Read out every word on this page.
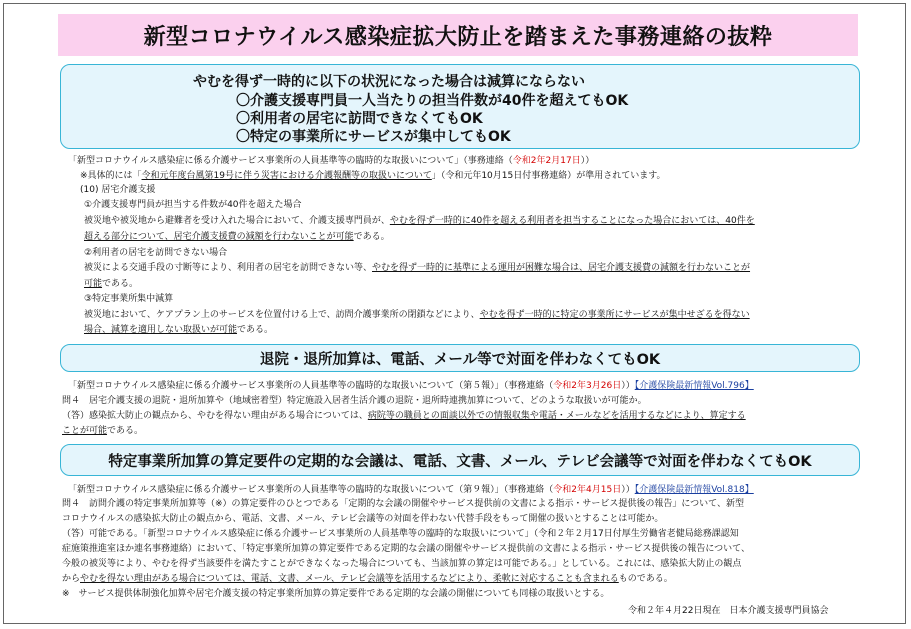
新型コロナウイルス感染症拡大防止を踏まえた事務連絡の抜粋
やむを得ず一時的に以下の状況になった場合は減算にならない
〇介護支援専門員一人当たりの担当件数が40件を超えてもOK
〇利用者の居宅に訪問できなくてもOK
〇特定の事業所にサービスが集中してもOK
「新型コロナウイルス感染症に係る介護サービス事業所の人員基準等の臨時的な取扱いについて」（事務連絡（令和2年2月17日））
※具体的には「令和元年度台風第19号に伴う災害における介護報酬等の取扱いについて」（令和元年10月15日付事務連絡）が準用されています。
(10) 居宅介護支援
①介護支援専門員が担当する件数が40件を超えた場合
被災地や被災地から避難者を受け入れた場合において、介護支援専門員が、やむを得ず一時的に40件を超える利用者を担当することになった場合においては、40件を
超える部分について、居宅介護支援費の減額を行わないことが可能である。
②利用者の居宅を訪問できない場合
被災による交通手段の寸断等により、利用者の居宅を訪問できない等、やむを得ず一時的に基準による運用が困難な場合は、居宅介護支援費の減額を行わないことが
可能である。
③特定事業所集中減算
被災地において、ケアプラン上のサービスを位置付ける上で、訪問介護事業所の閉鎖などにより、やむを得ず一時的に特定の事業所にサービスが集中せざるを得ない
場合、減算を適用しない取扱いが可能である。
退院・退所加算は、電話、メール等で対面を伴わなくてもOK
「新型コロナウイルス感染症に係る介護サービス事業所の人員基準等の臨時的な取扱いについて（第５報）」（事務連絡（令和2年3月26日））【介護保険最新情報Vol.796】
問４　居宅介護支援の退院・退所加算や（地域密着型）特定施設入居者生活介護の退院・退所時連携加算について、どのような取扱いが可能か。
（答）感染拡大防止の観点から、やむを得ない理由がある場合については、病院等の職員との面談以外での情報収集や電話・メールなどを活用するなどにより、算定する
ことが可能である。
特定事業所加算の算定要件の定期的な会議は、電話、文書、メール、テレビ会議等で対面を伴わなくてもOK
「新型コロナウイルス感染症に係る介護サービス事業所の人員基準等の臨時的な取扱いについて（第９報）」（事務連絡（令和2年4月15日））【介護保険最新情報Vol.818】
問４　訪問介護の特定事業所加算等（※）の算定要件のひとつである「定期的な会議の開催やサービス提供前の文書による指示・サービス提供後の報告」について、新型
コロナウイルスの感染拡大防止の観点から、電話、文書、メール、テレビ会議等の対面を伴わない代替手段をもって開催の扱いとすることは可能か。
（答）可能である。「新型コロナウイルス感染症に係る介護サービス事業所の人員基準等の臨時的な取扱いについて」（令和２年２月17日付厚生労働省老健局総務課認知
症施策推進室ほか連名事務連絡）において、「特定事業所加算の算定要件である定期的な会議の開催やサービス提供前の文書による指示・サービス提供後の報告について、
今般の被災等により、やむを得ず当該要件を満たすことができなくなった場合についても、当該加算の算定は可能である。」としている。これには、感染拡大防止の観点
からやむを得ない理由がある場合については、電話、文書、メール、テレビ会議等を活用するなどにより、柔軟に対応することも含まれるものである。
※　サービス提供体制強化加算や居宅介護支援の特定事業所加算の算定要件である定期的な会議の開催についても同様の取扱いとする。
令和２年４月22日現在　日本介護支援専門員協会
